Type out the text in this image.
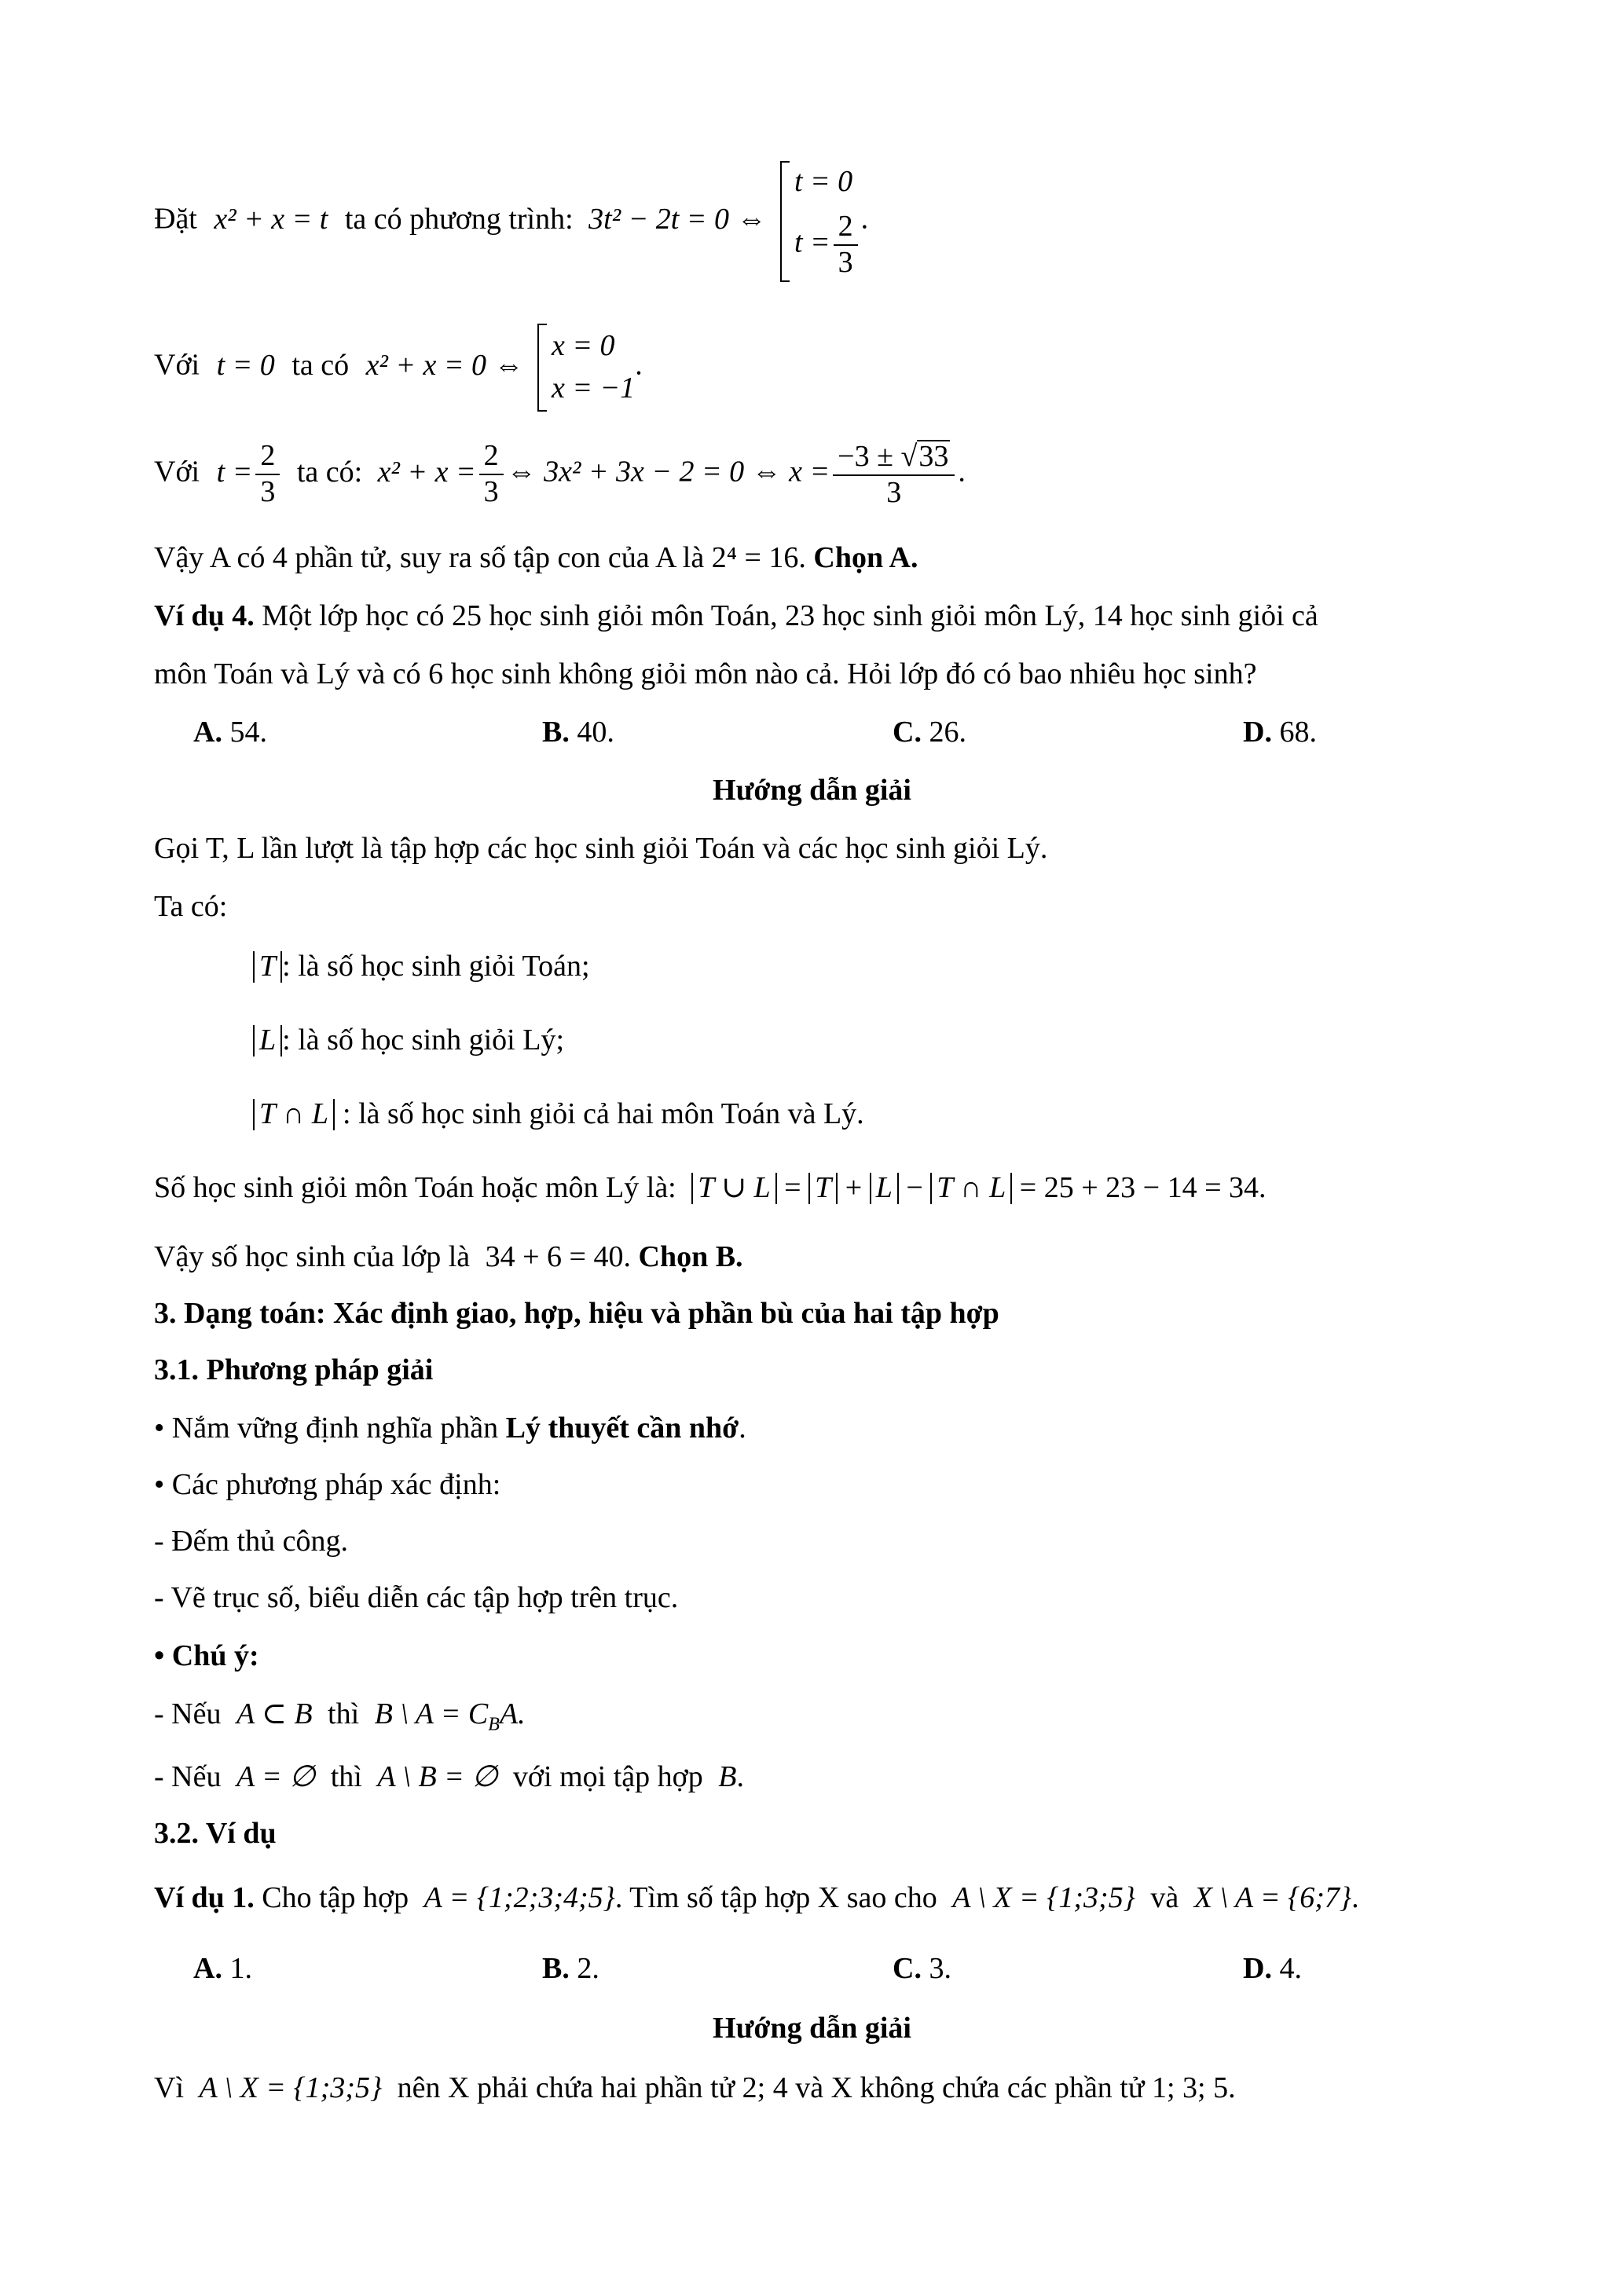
Đặt x² + x = t ta có phương trình: 3t² − 2t = 0 ⇔
t = 0
$t = \frac{2}{3}$ .
Với t = 0 ta có x² + x = 0 ⇔
x = 0
x = −1
.
Với $t = \frac{2}{3}$ ta có: $x^2 + x = \frac{2}{3}$ ⇔ 3x² + 3x − 2 = 0 ⇔ $x = \frac{-3 \pm √33}{3}$ .
Vậy A có 4 phần tử, suy ra số tập con của A là 2⁴ = 16. Chọn A.
Ví dụ 4. Một lớp học có 25 học sinh giỏi môn Toán, 23 học sinh giỏi môn Lý, 14 học sinh giỏi cả
môn Toán và Lý và có 6 học sinh không giỏi môn nào cả. Hỏi lớp đó có bao nhiêu học sinh?
A. 54.	B. 40.	C. 26.	D. 68.
Hướng dẫn giải
Gọi T, L lần lượt là tập hợp các học sinh giỏi Toán và các học sinh giỏi Lý.
Ta có:
T : là số học sinh giỏi Toán;
L : là số học sinh giỏi Lý;
T ∩ L : là số học sinh giỏi cả hai môn Toán và Lý.
Số học sinh giỏi môn Toán hoặc môn Lý là: T ∪ L = T + L − T ∩ L = 25 + 23 − 14 = 34.
Vậy số học sinh của lớp là 34 + 6 = 40. Chọn B.
3. Dạng toán: Xác định giao, hợp, hiệu và phần bù của hai tập hợp
3.1. Phương pháp giải
• Nắm vững định nghĩa phần Lý thuyết cần nhớ.
• Các phương pháp xác định:
- Đếm thủ công.
- Vẽ trục số, biểu diễn các tập hợp trên trục.
• Chú ý:
- Nếu A ⊂ B thì B \ $A = C_BA$.
- Nếu A = ∅ thì A \ B = ∅ với mọi tập hợp B.
3.2. Ví dụ
Ví dụ 1. Cho tập hợp A = {1;2;3;4;5}. Tìm số tập hợp X sao cho A \ X = {1;3;5} và X \ A = {6;7}.
A. 1.	B. 2.	C. 3.	D. 4.
Hướng dẫn giải
Vì A \ X = {1;3;5} nên X phải chứa hai phần tử 2; 4 và X không chứa các phần tử 1; 3; 5.
